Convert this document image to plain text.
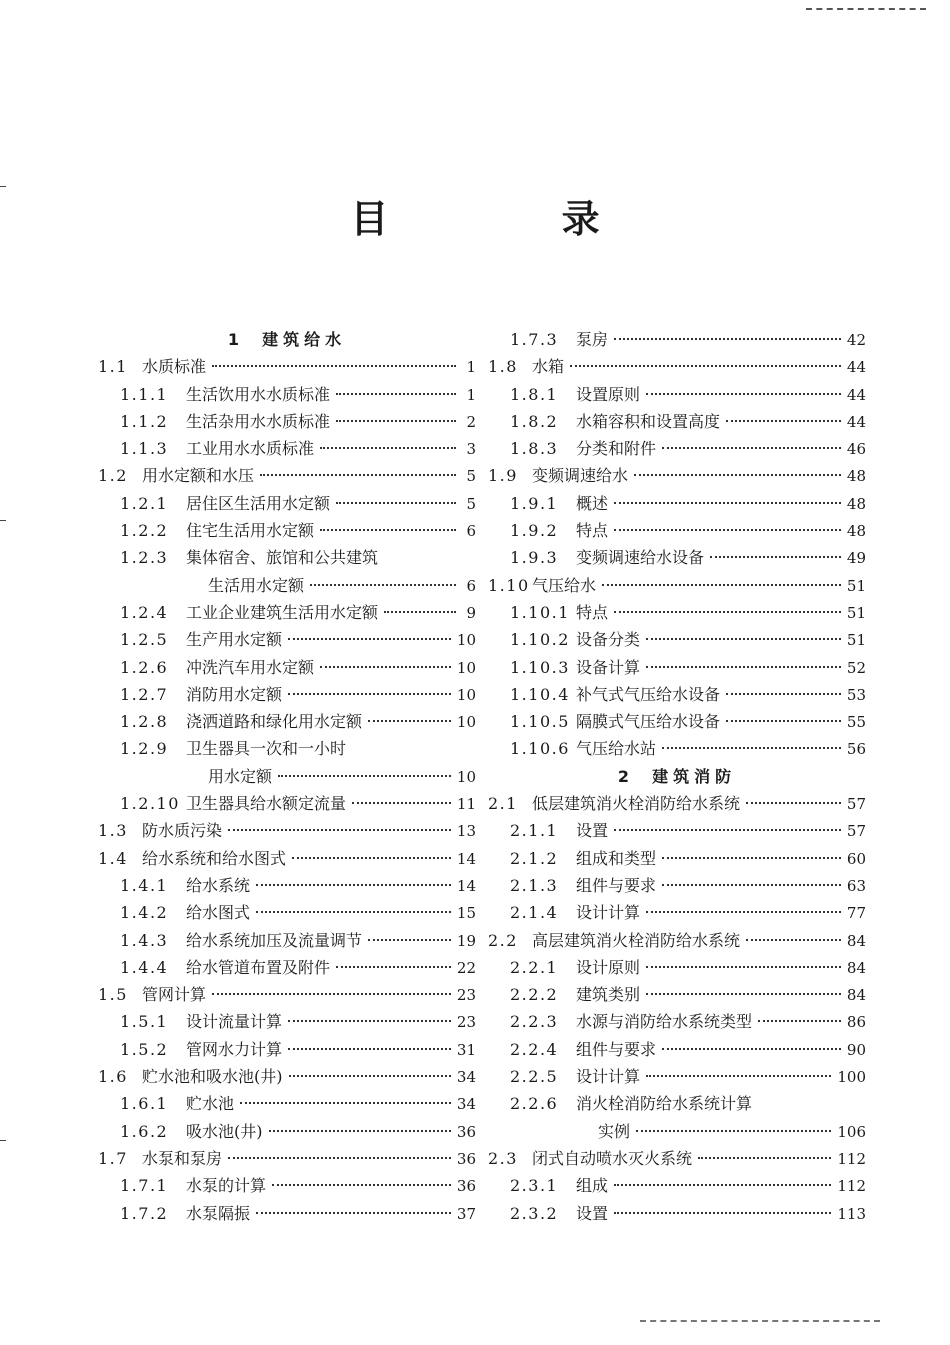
目 录
1 建筑给水
1.1 水质标准	1
1.1.1	生活饮用水水质标准	1
1.1.2	生活杂用水水质标准	2
1.1.3	工业用水水质标准	3
1.2 用水定额和水压	5
1.2.1	居住区生活用水定额	5
1.2.2	住宅生活用水定额	6
1.2.3	集体宿舍、旅馆和公共建筑
生活用水定额	6
1.2.4	工业企业建筑生活用水定额	9
1.2.5	生产用水定额	10
1.2.6	冲洗汽车用水定额	10
1.2.7	消防用水定额	10
1.2.8	浇洒道路和绿化用水定额	10
1.2.9	卫生器具一次和一小时
用水定额	10
1.2.10 卫生器具给水额定流量	11
1.3 防水质污染	13
1.4 给水系统和给水图式	14
1.4.1	给水系统	14
1.4.2	给水图式	15
1.4.3	给水系统加压及流量调节	19
1.4.4	给水管道布置及附件	22
1.5 管网计算	23
1.5.1	设计流量计算	23
1.5.2	管网水力计算	31
1.6 贮水池和吸水池(井)	34
1.6.1	贮水池	34
1.6.2	吸水池(井)	36
1.7 水泵和泵房	36
1.7.1	水泵的计算	36
1.7.2	水泵隔振	37
1.7.3	泵房	42
1.8 水箱	44
1.8.1	设置原则	44
1.8.2	水箱容积和设置高度	44
1.8.3	分类和附件	46
1.9 变频调速给水	48
1.9.1	概述	48
1.9.2	特点	48
1.9.3	变频调速给水设备	49
1.10 气压给水	51
1.10.1 特点	51
1.10.2 设备分类	51
1.10.3 设备计算	52
1.10.4 补气式气压给水设备	53
1.10.5 隔膜式气压给水设备	55
1.10.6 气压给水站	56
2 建筑消防
2.1 低层建筑消火栓消防给水系统	57
2.1.1	设置	57
2.1.2	组成和类型	60
2.1.3	组件与要求	63
2.1.4	设计计算	77
2.2 高层建筑消火栓消防给水系统	84
2.2.1	设计原则	84
2.2.2	建筑类别	84
2.2.3	水源与消防给水系统类型	86
2.2.4	组件与要求	90
2.2.5	设计计算	100
2.2.6	消火栓消防给水系统计算
实例	106
2.3 闭式自动喷水灭火系统	112
2.3.1	组成	112
2.3.2	设置	113
